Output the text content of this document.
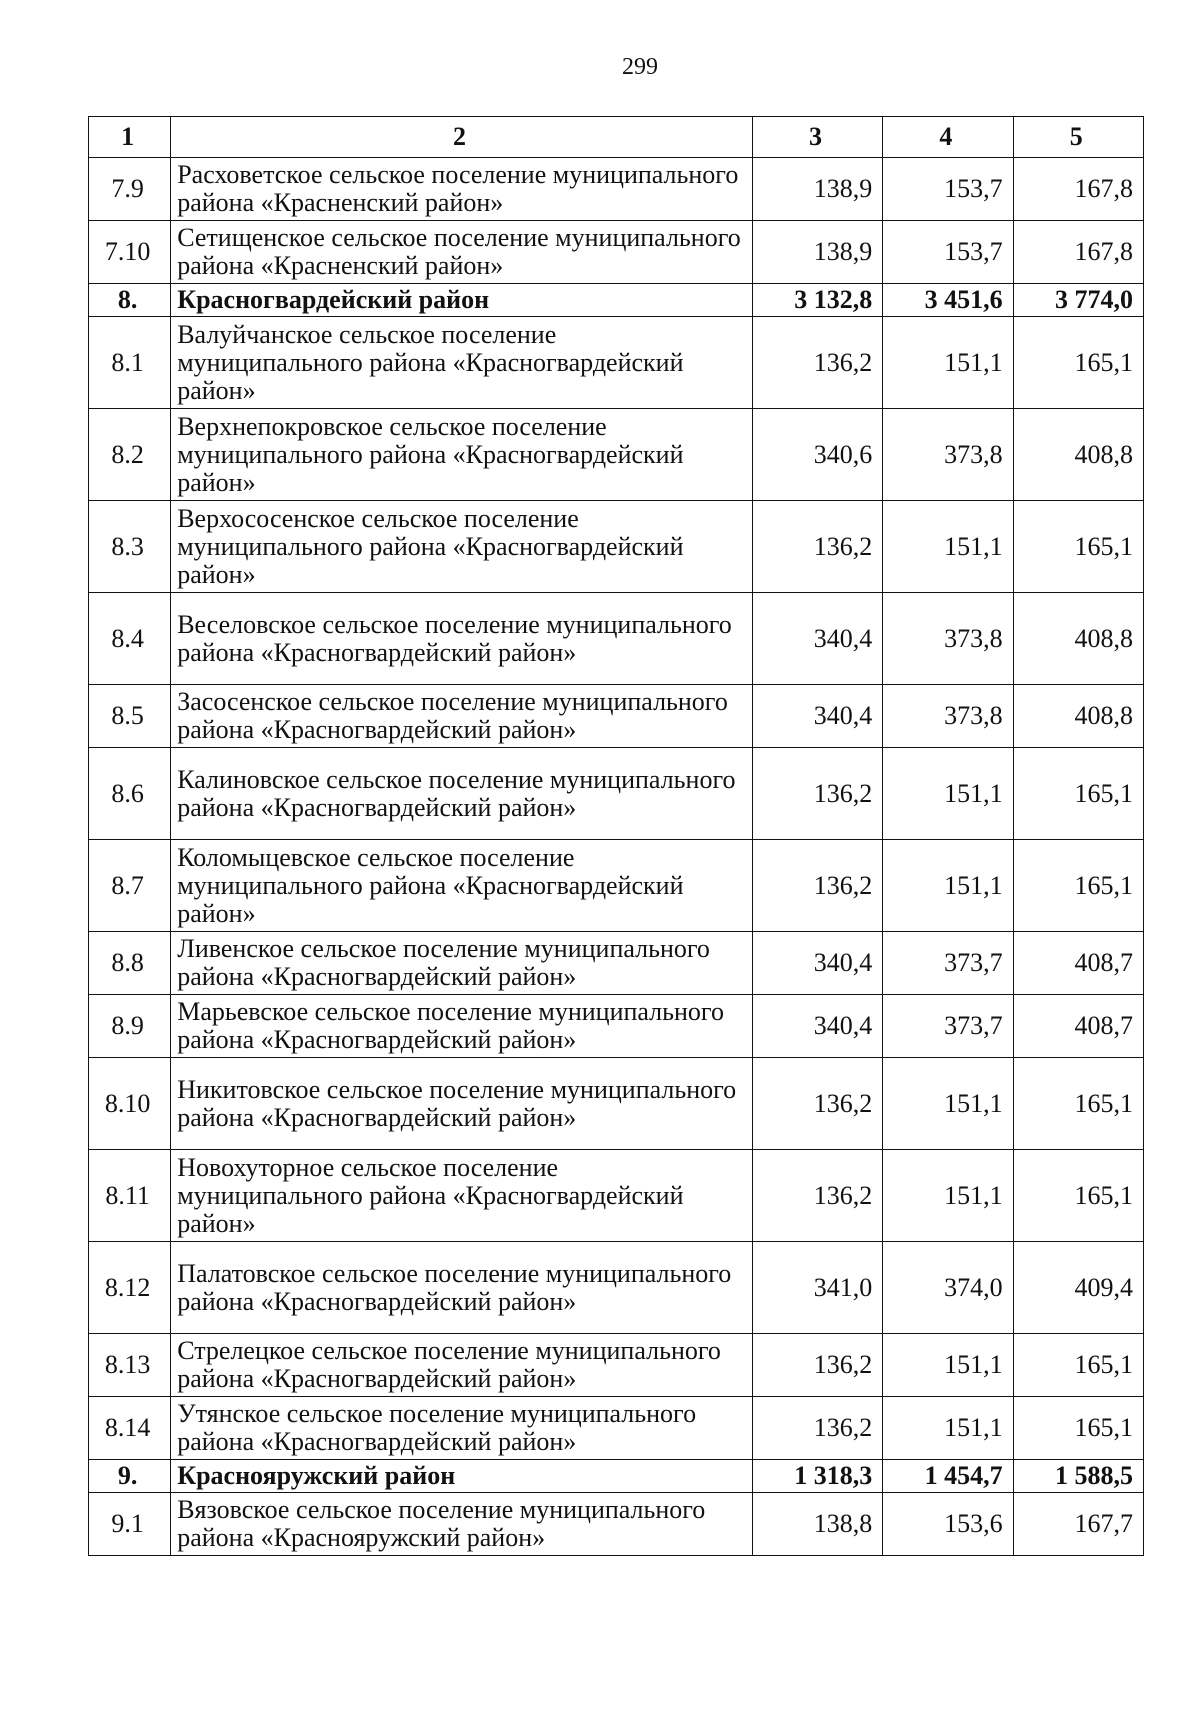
299
1	2	3	4	5
7.9	Расховетское сельское поселение муниципального района «Красненский район»	138,9	153,7	167,8
7.10	Сетищенское сельское поселение муниципального района «Красненский район»	138,9	153,7	167,8
8.	Красногвардейский район	3 132,8	3 451,6	3 774,0
8.1	Валуйчанское сельское поселение муниципального района «Красногвардейский район»	136,2	151,1	165,1
8.2	Верхнепокровское сельское поселение муниципального района «Красногвардейский район»	340,6	373,8	408,8
8.3	Верхососенское сельское поселение муниципального района «Красногвардейский район»	136,2	151,1	165,1
8.4	Веселовское сельское поселение муниципального района «Красногвардейский район»	340,4	373,8	408,8
8.5	Засосенское сельское поселение муниципального района «Красногвардейский район»	340,4	373,8	408,8
8.6	Калиновское сельское поселение муниципального района «Красногвардейский район»	136,2	151,1	165,1
8.7	Коломыцевское сельское поселение муниципального района «Красногвардейский район»	136,2	151,1	165,1
8.8	Ливенское сельское поселение муниципального района «Красногвардейский район»	340,4	373,7	408,7
8.9	Марьевское сельское поселение муниципального района «Красногвардейский район»	340,4	373,7	408,7
8.10	Никитовское сельское поселение муниципального района «Красногвардейский район»	136,2	151,1	165,1
8.11	Новохуторное сельское поселение муниципального района «Красногвардейский район»	136,2	151,1	165,1
8.12	Палатовское сельское поселение муниципального района «Красногвардейский район»	341,0	374,0	409,4
8.13	Стрелецкое сельское поселение муниципального района «Красногвардейский район»	136,2	151,1	165,1
8.14	Утянское сельское поселение муниципального района «Красногвардейский район»	136,2	151,1	165,1
9.	Краснояружский район	1 318,3	1 454,7	1 588,5
9.1	Вязовское сельское поселение муниципального района «Краснояружский район»	138,8	153,6	167,7
